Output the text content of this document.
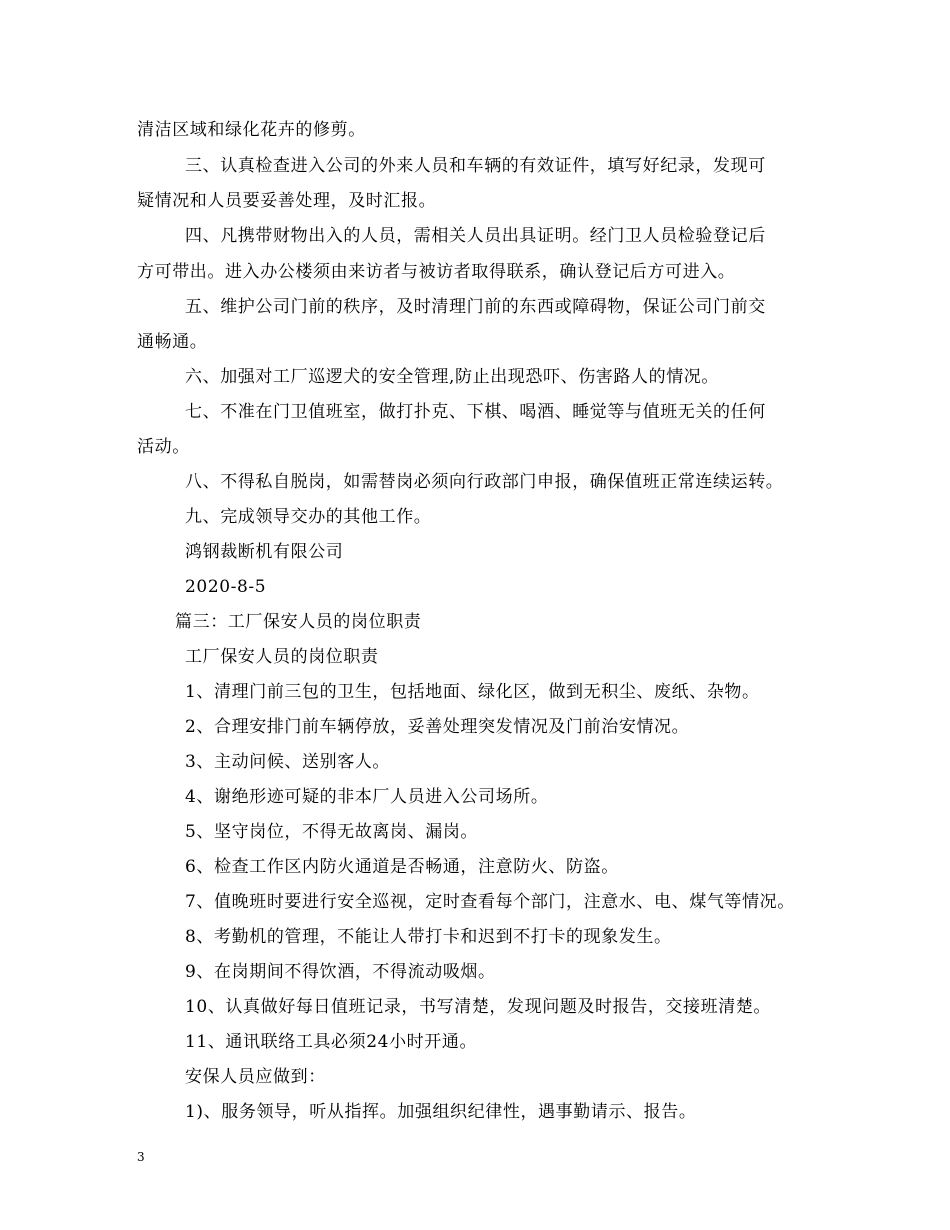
清洁区域和绿化花卉的修剪。
三、认真检查进入公司的外来人员和车辆的有效证件，填写好纪录，发现可
疑情况和人员要妥善处理，及时汇报。
四、凡携带财物出入的人员，需相关人员出具证明。经门卫人员检验登记后
方可带出。进入办公楼须由来访者与被访者取得联系，确认登记后方可进入。
五、维护公司门前的秩序，及时清理门前的东西或障碍物，保证公司门前交
通畅通。
六、加强对工厂巡逻犬的安全管理,防止出现恐吓、伤害路人的情况。
七、不准在门卫值班室，做打扑克、下棋、喝酒、睡觉等与值班无关的任何
活动。
八、不得私自脱岗，如需替岗必须向行政部门申报，确保值班正常连续运转。
九、完成领导交办的其他工作。
鸿钢裁断机有限公司
2020-8-5
篇三：工厂保安人员的岗位职责
工厂保安人员的岗位职责
1、清理门前三包的卫生，包括地面、绿化区，做到无积尘、废纸、杂物。
2、合理安排门前车辆停放，妥善处理突发情况及门前治安情况。
3、主动问候、送别客人。
4、谢绝形迹可疑的非本厂人员进入公司场所。
5、坚守岗位，不得无故离岗、漏岗。
6、检查工作区内防火通道是否畅通，注意防火、防盗。
7、值晚班时要进行安全巡视，定时查看每个部门，注意水、电、煤气等情况。
8、考勤机的管理，不能让人带打卡和迟到不打卡的现象发生。
9、在岗期间不得饮酒，不得流动吸烟。
10、认真做好每日值班记录，书写清楚，发现问题及时报告，交接班清楚。
11、通讯联络工具必须24小时开通。
安保人员应做到：
1)、服务领导，听从指挥。加强组织纪律性，遇事勤请示、报告。
3
